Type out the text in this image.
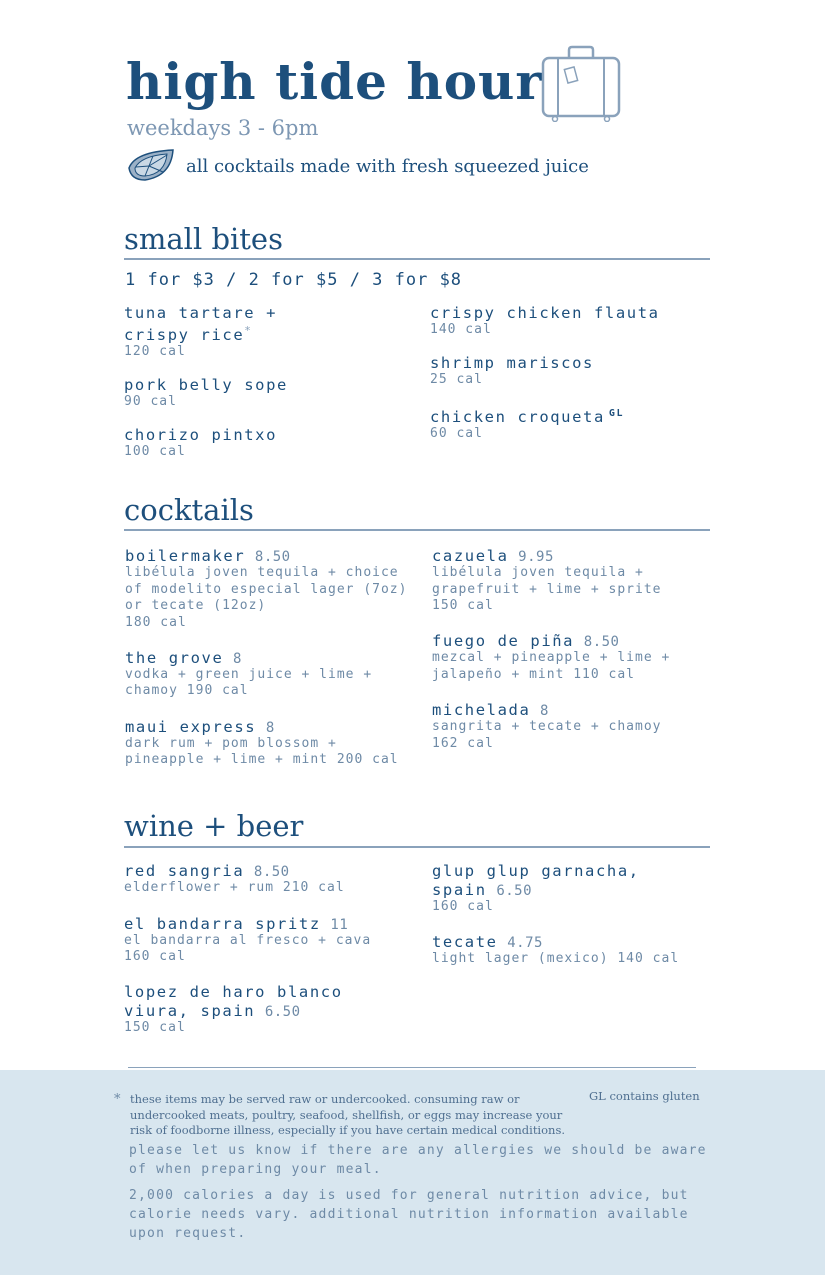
high tide hour
weekdays 3 - 6pm
all cocktails made with fresh squeezed juice
small bites
1 for $3 / 2 for $5 / 3 for $8
tuna tartare + crispy rice*
120 cal
pork belly sope
90 cal
chorizo pintxo
100 cal
crispy chicken flauta
140 cal
shrimp mariscos
25 cal
chicken croqueta $^{GL}$
60 cal
cocktails
boilermaker 8.50
libélula joven tequila + choice of modelito especial lager (7oz) or tecate (12oz)
180 cal
the grove 8
vodka + green juice + lime + chamoy 190 cal
maui express 8
dark rum + pom blossom + pineapple + lime + mint 200 cal
cazuela 9.95
libélula joven tequila + grapefruit + lime + sprite
150 cal
fuego de piña 8.50
mezcal + pineapple + lime + jalapeño + mint 110 cal
michelada 8
sangrita + tecate + chamoy
162 cal
wine + beer
red sangria 8.50
elderflower + rum 210 cal
el bandarra spritz 11
el bandarra al fresco + cava
160 cal
lopez de haro blanco viura, spain 6.50
150 cal
glup glup garnacha, spain 6.50
160 cal
tecate 4.75
light lager (mexico) 140 cal
* these items may be served raw or undercooked. consuming raw or undercooked meats, poultry, seafood, shellfish, or eggs may increase your risk of foodborne illness, especially if you have certain medical conditions.
GL contains gluten
please let us know if there are any allergies we should be aware of when preparing your meal.
2,000 calories a day is used for general nutrition advice, but calorie needs vary. additional nutrition information available upon request.
